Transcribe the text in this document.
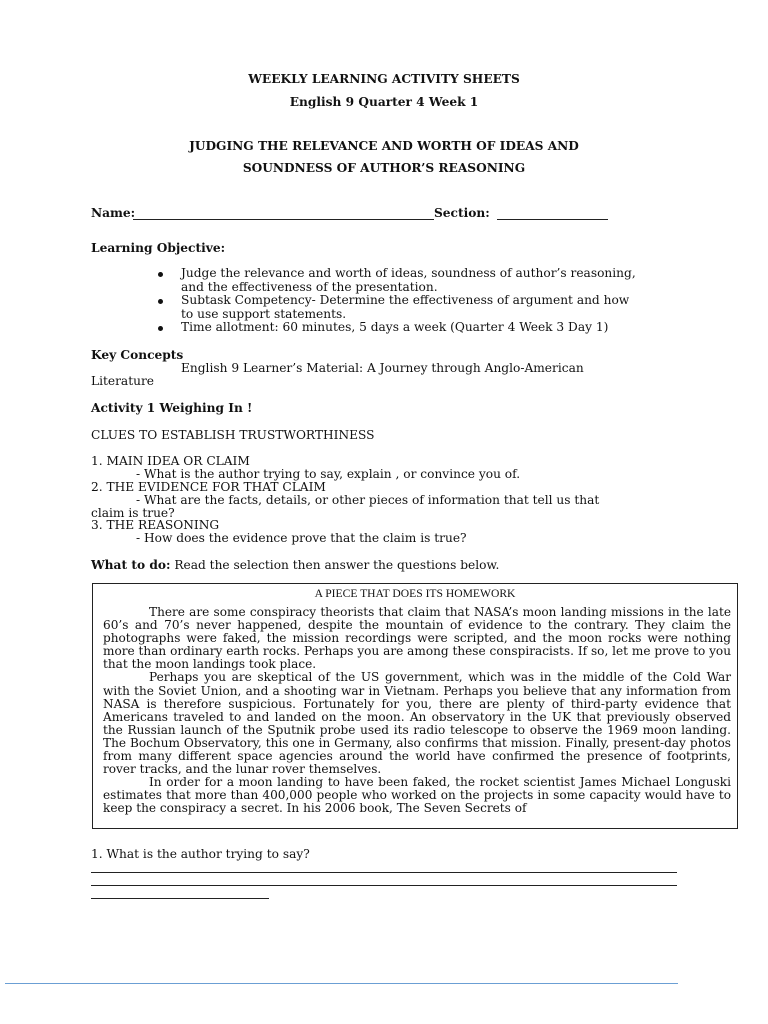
WEEKLY LEARNING ACTIVITY SHEETS
English 9 Quarter 4 Week 1
JUDGING THE RELEVANCE AND WORTH OF IDEAS AND
SOUNDNESS OF AUTHOR’S REASONING
Name:	Section:
Learning Objective:
Judge the relevance and worth of ideas, soundness of author’s reasoning,
and the effectiveness of the presentation.
Subtask Competency- Determine the effectiveness of argument and how
to use support statements.
Time allotment: 60 minutes, 5 days a week (Quarter 4 Week 3 Day 1)
Key Concepts
English 9 Learner’s Material: A Journey through Anglo-American
Literature
Activity 1 Weighing In !
CLUES TO ESTABLISH TRUSTWORTHINESS
1. MAIN IDEA OR CLAIM
- What is the author trying to say, explain , or convince you of.
2. THE EVIDENCE FOR THAT CLAIM
- What are the facts, details, or other pieces of information that tell us that
claim is true?
3. THE REASONING
- How does the evidence prove that the claim is true?
What to do: Read the selection then answer the questions below.
A PIECE THAT DOES ITS HOMEWORK

There are some conspiracy theorists that claim that NASA’s moon landing missions in the late 60’s and 70’s never happened, despite the mountain of evidence to the contrary. They claim the photographs were faked, the mission recordings were scripted, and the moon rocks were nothing more than ordinary earth rocks. Perhaps you are among these conspiracists. If so, let me prove to you that the moon landings took place.

Perhaps you are skeptical of the US government, which was in the middle of the Cold War with the Soviet Union, and a shooting war in Vietnam. Perhaps you believe that any information from NASA is therefore suspicious. Fortunately for you, there are plenty of third-party evidence that Americans traveled to and landed on the moon. An observatory in the UK that previously observed the Russian launch of the Sputnik probe used its radio telescope to observe the 1969 moon landing. The Bochum Observatory, this one in Germany, also confirms that mission. Finally, present-day photos from many different space agencies around the world have confirmed the presence of footprints, rover tracks, and the lunar rover themselves.

In order for a moon landing to have been faked, the rocket scientist James Michael Longuski estimates that more than 400,000 people who worked on the projects in some capacity would have to keep the conspiracy a secret. In his 2006 book, The Seven Secrets of

1. What is the author trying to say?
